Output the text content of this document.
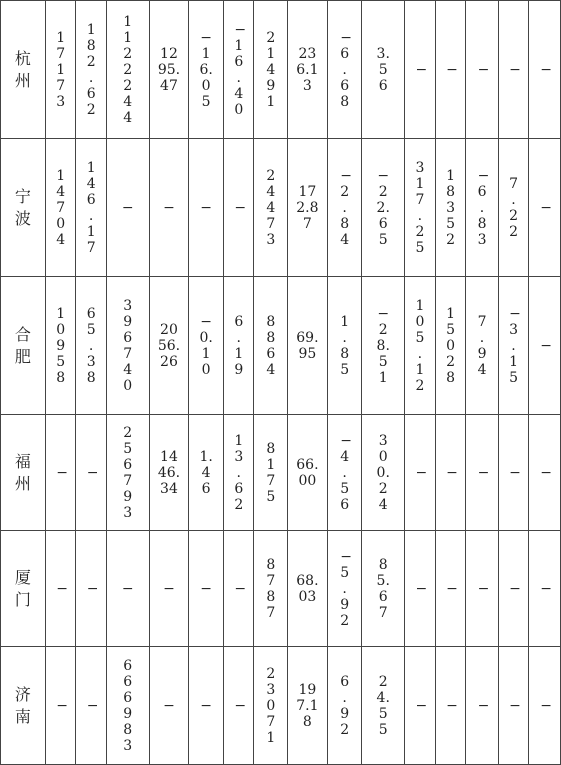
杭州	17173	182.62	1122244	1295.47	−16.05	−16.40	21491	236.13	−6.68	3.56	−	−	−	−	−
宁波	14704	146.17	−	−	−	−	24473	172.87	−2.84	−22.65	317.25	18352	−6.83	7.22	−
合肥	10958	65.38	396740	2056.26	−0.10	6.19	8864	69.95	1.85	−28.51	105.12	15028	7.94	−3.15	−
福州	−	−	256793	1446.34	1.46	13.62	8175	66.00	−4.56	300.24	−	−	−	−	−
厦门	−	−	−	−	−	−	8787	68.03	−5.92	85.67	−	−	−	−	−
济南	−	−	666983	−	−	−	23071	197.18	6.92	24.55	−	−	−	−	−
